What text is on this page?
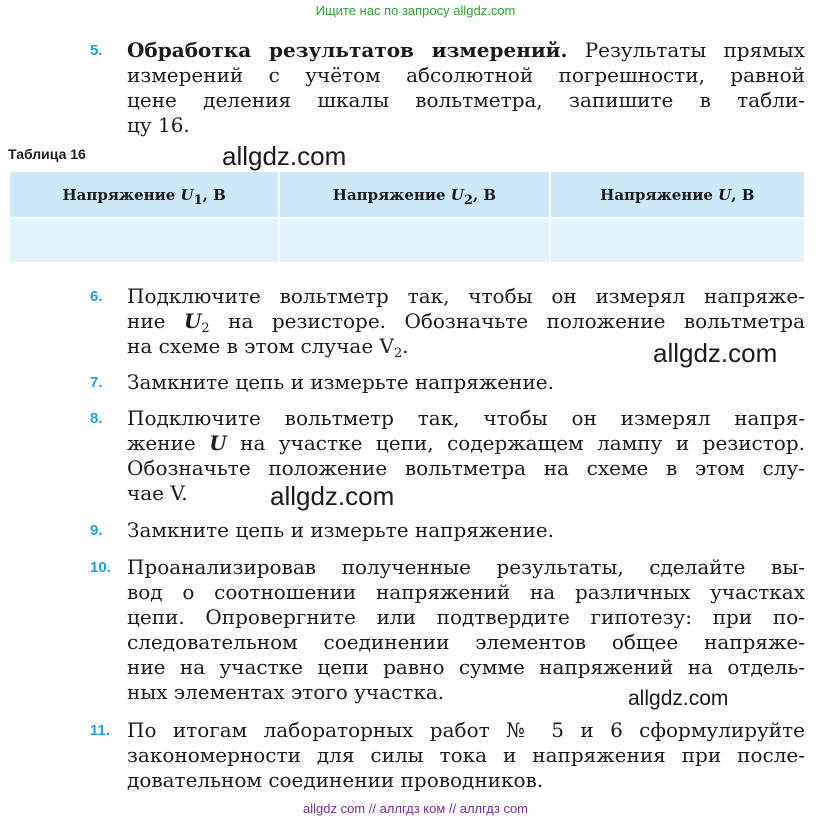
Ищите нас по запросу allgdz.com
5. Обработка результатов измерений. Результаты прямых
измерений с учётом абсолютной погрешности, равной
цене деления шкалы вольтметра, запишите в табли-
цу 16.
Таблица 16	allgdz.com
Напряжение $U_1$, В	Напряжение $U_2$, В	Напряжение U, В

6. Подключите вольтметр так, чтобы он измерял напряже-
ние $U_2$ на резисторе. Обозначьте положение вольтметра
на схеме в этом случае $V_2$.	allgdz.com
7. Замкните цепь и измерьте напряжение.
8. Подключите вольтметр так, чтобы он измерял напря-
жение U на участке цепи, содержащем лампу и резистор.
Обозначьте положение вольтметра на схеме в этом слу-
чае V.	allgdz.com
9. Замкните цепь и измерьте напряжение.
10. Проанализировав полученные результаты, сделайте вы-
вод о соотношении напряжений на различных участках
цепи. Опровергните или подтвердите гипотезу: при по-
следовательном соединении элементов общее напряже-
ние на участке цепи равно сумме напряжений на отдель-
ных элементах этого участка.	allgdz.com
11. По итогам лабораторных работ № 5 и 6 сформулируйте
закономерности для силы тока и напряжения при после-
довательном соединении проводников.
allgdz com // аллгдз ком // аллгдз com
